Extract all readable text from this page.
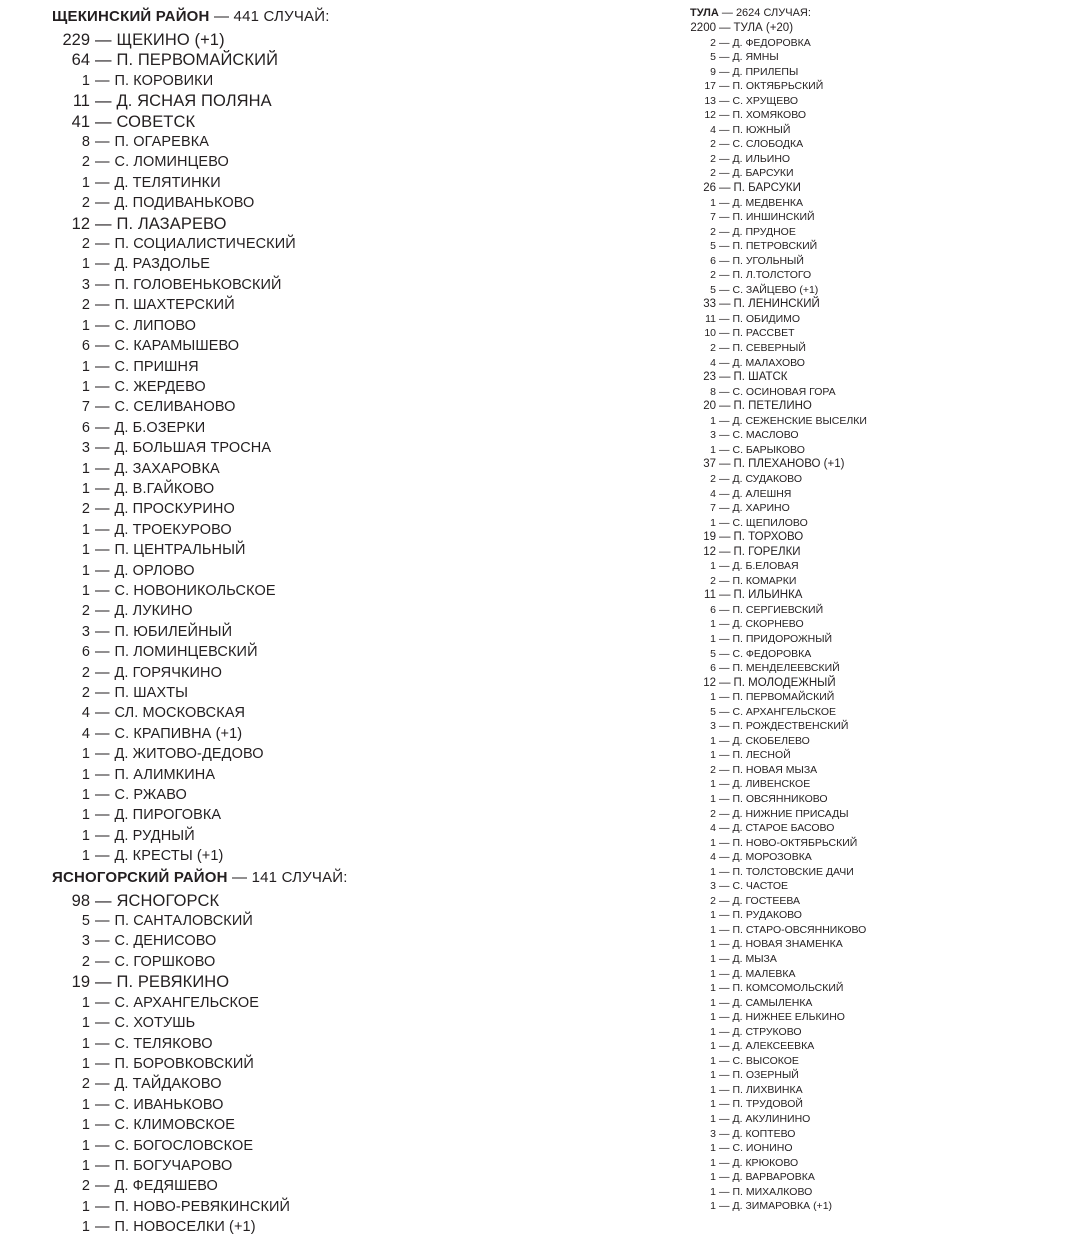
ЩЕКИНСКИЙ РАЙОН — 441 СЛУЧАЙ:
229 — ЩЕКИНО (+1)
64 — П. ПЕРВОМАЙСКИЙ
1 — П. КОРОВИКИ
11 — Д. ЯСНАЯ ПОЛЯНА
41 — СОВЕТСК
8 — П. ОГАРЕВКА
2 — С. ЛОМИНЦЕВО
1 — Д. ТЕЛЯТИНКИ
2 — Д. ПОДИВАНЬКОВО
12 — П. ЛАЗАРЕВО
2 — П. СОЦИАЛИСТИЧЕСКИЙ
1 — Д. РАЗДОЛЬЕ
3 — П. ГОЛОВЕНЬКОВСКИЙ
2 — П. ШАХТЕРСКИЙ
1 — С. ЛИПОВО
6 — С. КАРАМЫШЕВО
1 — С. ПРИШНЯ
1 — С. ЖЕРДЕВО
7 — С. СЕЛИВАНОВО
6 — Д. Б.ОЗЕРКИ
3 — Д. БОЛЬШАЯ ТРОСНА
1 — Д. ЗАХАРОВКА
1 — Д. В.ГАЙКОВО
2 — Д. ПРОСКУРИНО
1 — Д. ТРОЕКУРОВО
1 — П. ЦЕНТРАЛЬНЫЙ
1 — Д. ОРЛОВО
1 — С. НОВОНИКОЛЬСКОЕ
2 — Д. ЛУКИНО
3 — П. ЮБИЛЕЙНЫЙ
6 — П. ЛОМИНЦЕВСКИЙ
2 — Д. ГОРЯЧКИНО
2 — П. ШАХТЫ
4 — СЛ. МОСКОВСКАЯ
4 — С. КРАПИВНА (+1)
1 — Д. ЖИТОВО-ДЕДОВО
1 — П. АЛИМКИНА
1 — С. РЖАВО
1 — Д. ПИРОГОВКА
1 — Д. РУДНЫЙ
1 — Д. КРЕСТЫ (+1)
ЯСНОГОРСКИЙ РАЙОН — 141 СЛУЧАЙ:
98 — ЯСНОГОРСК
5 — П. САНТАЛОВСКИЙ
3 — С. ДЕНИСОВО
2 — С. ГОРШКОВО
19 — П. РЕВЯКИНО
1 — С. АРХАНГЕЛЬСКОЕ
1 — С. ХОТУШЬ
1 — С. ТЕЛЯКОВО
1 — П. БОРОВКОВСКИЙ
2 — Д. ТАЙДАКОВО
1 — С. ИВАНЬКОВО
1 — С. КЛИМОВСКОЕ
1 — С. БОГОСЛОВСКОЕ
1 — П. БОГУЧАРОВО
2 — Д. ФЕДЯШЕВО
1 — П. НОВО-РЕВЯКИНСКИЙ
1 — П. НОВОСЕЛКИ (+1)
ТУЛА — 2624 СЛУЧАЯ:
2200 — ТУЛА (+20)
2 — Д. ФЕДОРОВКА
5 — Д. ЯМНЫ
9 — Д. ПРИЛЕПЫ
17 — П. ОКТЯБРЬСКИЙ
13 — С. ХРУЩЕВО
12 — П. ХОМЯКОВО
4 — П. ЮЖНЫЙ
2 — С. СЛОБОДКА
2 — Д. ИЛЬИНО
2 — Д. БАРСУКИ
26 — П. БАРСУКИ
1 — Д. МЕДВЕНКА
7 — П. ИНШИНСКИЙ
2 — Д. ПРУДНОЕ
5 — П. ПЕТРОВСКИЙ
6 — П. УГОЛЬНЫЙ
2 — П. Л.ТОЛСТОГО
5 — С. ЗАЙЦЕВО (+1)
33 — П. ЛЕНИНСКИЙ
11 — П. ОБИДИМО
10 — П. РАССВЕТ
2 — П. СЕВЕРНЫЙ
4 — Д. МАЛАХОВО
23 — П. ШАТСК
8 — С. ОСИНОВАЯ ГОРА
20 — П. ПЕТЕЛИНО
1 — Д. СЕЖЕНСКИЕ ВЫСЕЛКИ
3 — С. МАСЛОВО
1 — С. БАРЫКОВО
37 — П. ПЛЕХАНОВО (+1)
2 — Д. СУДАКОВО
4 — Д. АЛЕШНЯ
7 — Д. ХАРИНО
1 — С. ЩЕПИЛОВО
19 — П. ТОРХОВО
12 — П. ГОРЕЛКИ
1 — Д. Б.ЕЛОВАЯ
2 — П. КОМАРКИ
11 — П. ИЛЬИНКА
6 — П. СЕРГИЕВСКИЙ
1 — Д. СКОРНЕВО
1 — П. ПРИДОРОЖНЫЙ
5 — С. ФЕДОРОВКА
6 — П. МЕНДЕЛЕЕВСКИЙ
12 — П. МОЛОДЕЖНЫЙ
1 — П. ПЕРВОМАЙСКИЙ
5 — С. АРХАНГЕЛЬСКОЕ
3 — П. РОЖДЕСТВЕНСКИЙ
1 — Д. СКОБЕЛЕВО
1 — П. ЛЕСНОЙ
2 — П. НОВАЯ МЫЗА
1 — Д. ЛИВЕНСКОЕ
1 — П. ОВСЯННИКОВО
2 — Д. НИЖНИЕ ПРИСАДЫ
4 — Д. СТАРОЕ БАСОВО
1 — П. НОВО-ОКТЯБРЬСКИЙ
4 — Д. МОРОЗОВКА
1 — П. ТОЛСТОВСКИЕ ДАЧИ
3 — С. ЧАСТОЕ
2 — Д. ГОСТЕЕВА
1 — П. РУДАКОВО
1 — П. СТАРО-ОВСЯННИКОВО
1 — Д. НОВАЯ ЗНАМЕНКА
1 — Д. МЫЗА
1 — Д. МАЛЕВКА
1 — П. КОМСОМОЛЬСКИЙ
1 — Д. САМЫЛЕНКА
1 — Д. НИЖНЕЕ ЕЛЬКИНО
1 — Д. СТРУКОВО
1 — Д. АЛЕКСЕЕВКА
1 — С. ВЫСОКОЕ
1 — П. ОЗЕРНЫЙ
1 — П. ЛИХВИНКА
1 — П. ТРУДОВОЙ
1 — Д. АКУЛИНИНО
3 — Д. КОПТЕВО
1 — С. ИОНИНО
1 — Д. КРЮКОВО
1 — Д. ВАРВАРОВКА
1 — П. МИХАЛКОВО
1 — Д. ЗИМАРОВКА (+1)
